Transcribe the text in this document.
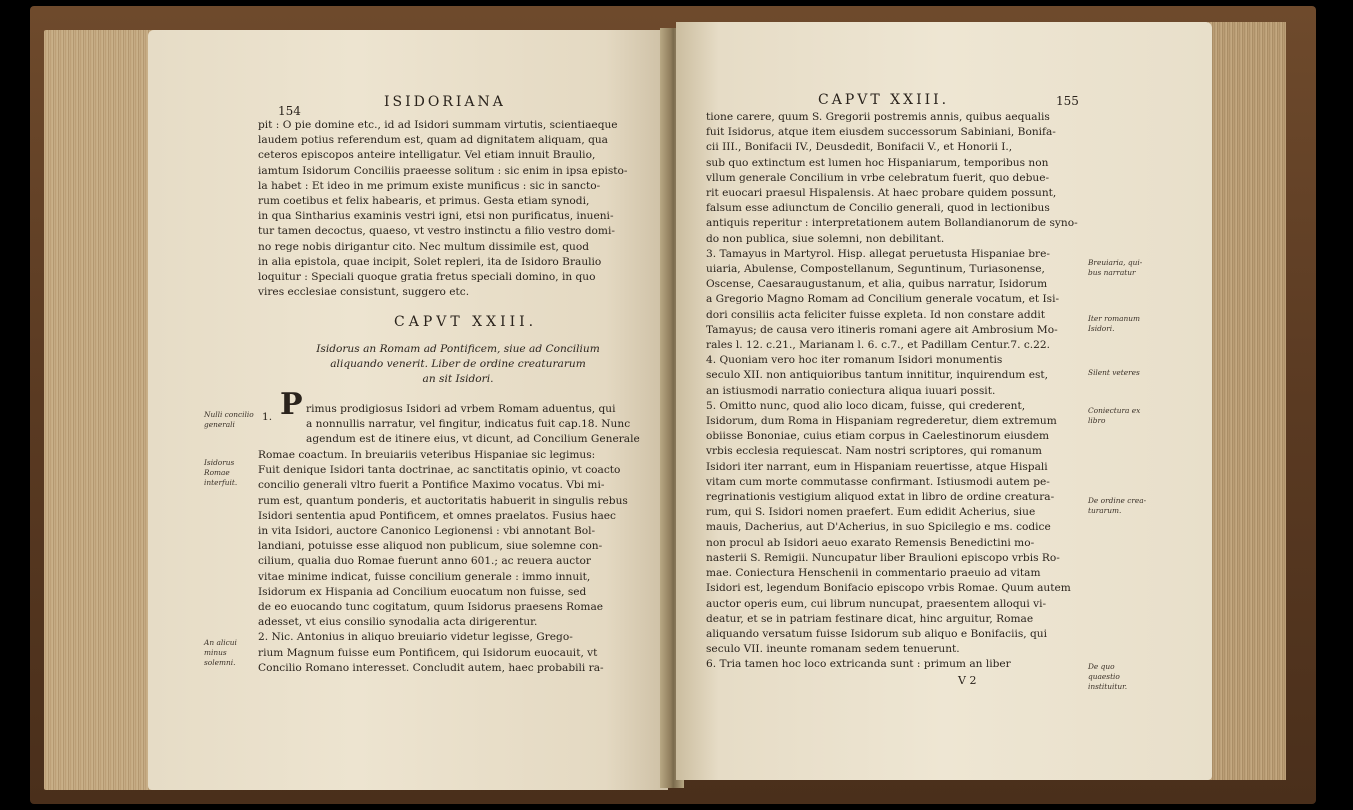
154
ISIDORIANA
pit : O pie domine etc., id ad Isidori summam virtutis, scientiaeque
laudem potius referendum est, quam ad dignitatem aliquam, qua
ceteros episcopos anteire intelligatur. Vel etiam innuit Braulio,
iamtum Isidorum Conciliis praeesse solitum : sic enim in ipsa episto-
la habet : Et ideo in me primum existe munificus : sic in sancto-
rum coetibus et felix habearis, et primus. Gesta etiam synodi,
in qua Sintharius examinis vestri igni, etsi non purificatus, inueni-
tur tamen decoctus, quaeso, vt vestro instinctu a filio vestro domi-
no rege nobis dirigantur cito. Nec multum dissimile est, quod
in alia epistola, quae incipit, Solet repleri, ita de Isidoro Braulio
loquitur : Speciali quoque gratia fretus speciali domino, in quo
vires ecclesiae consistunt, suggero etc.
CAPVT XXIII.
Isidorus an Romam ad Pontificem, siue ad Concilium
aliquando venerit. Liber de ordine creaturarum
an sit Isidori.
Nulli concilio
generali
Isidorus Romae
interfuit.
An alicui minus
solemni.
1. P rimus prodigiosus Isidori ad vrbem Romam aduentus, qui
a nonnullis narratur, vel fingitur, indicatus fuit cap.18. Nunc
agendum est de itinere eius, vt dicunt, ad Concilium Generale
Romae coactum. In breuiariis veteribus Hispaniae sic legimus:
Fuit denique Isidori tanta doctrinae, ac sanctitatis opinio, vt coacto
concilio generali vltro fuerit a Pontifice Maximo vocatus. Vbi mi-
rum est, quantum ponderis, et auctoritatis habuerit in singulis rebus
Isidori sententia apud Pontificem, et omnes praelatos. Fusius haec
in vita Isidori, auctore Canonico Legionensi : vbi annotant Bol-
landiani, potuisse esse aliquod non publicum, siue solemne con-
cilium, qualia duo Romae fuerunt anno 601.; ac reuera auctor
vitae minime indicat, fuisse concilium generale : immo innuit,
Isidorum ex Hispania ad Concilium euocatum non fuisse, sed
de eo euocando tunc cogitatum, quum Isidorus praesens Romae
adesset, vt eius consilio synodalia acta dirigerentur.
2. Nic. Antonius in aliquo breuiario videtur legisse, Grego-
rium Magnum fuisse eum Pontificem, qui Isidorum euocauit, vt
Concilio Romano interesset. Concludit autem, haec probabili ra-
CAPVT XXIII.	155
tione carere, quum S. Gregorii postremis annis, quibus aequalis
fuit Isidorus, atque item eiusdem successorum Sabiniani, Bonifa-
cii III., Bonifacii IV., Deusdedit, Bonifacii V., et Honorii I.,
sub quo extinctum est lumen hoc Hispaniarum, temporibus non
vllum generale Concilium in vrbe celebratum fuerit, quo debue-
rit euocari praesul Hispalensis. At haec probare quidem possunt,
falsum esse adiunctum de Concilio generali, quod in lectionibus
antiquis reperitur : interpretationem autem Bollandianorum de syno-
do non publica, siue solemni, non debilitant.
3. Tamayus in Martyrol. Hisp. allegat peruetusta Hispaniae bre-
uiaria, Abulense, Compostellanum, Seguntinum, Turiasonense,
Oscense, Caesaraugustanum, et alia, quibus narratur, Isidorum
a Gregorio Magno Romam ad Concilium generale vocatum, et Isi-
dori consiliis acta feliciter fuisse expleta. Id non constare addit
Tamayus; de causa vero itineris romani agere ait Ambrosium Mo-
rales l. 12. c.21., Marianam l. 6. c.7., et Padillam Centur.7. c.22.
4. Quoniam vero hoc iter romanum Isidori monumentis
seculo XII. non antiquioribus tantum innititur, inquirendum est,
an istiusmodi narratio coniectura aliqua iuuari possit.
5. Omitto nunc, quod alio loco dicam, fuisse, qui crederent,
Isidorum, dum Roma in Hispaniam regrederetur, diem extremum
obiisse Bononiae, cuius etiam corpus in Caelestinorum eiusdem
vrbis ecclesia requiescat. Nam nostri scriptores, qui romanum
Isidori iter narrant, eum in Hispaniam reuertisse, atque Hispali
vitam cum morte commutasse confirmant. Istiusmodi autem pe-
regrinationis vestigium aliquod extat in libro de ordine creatura-
rum, qui S. Isidori nomen praefert. Eum edidit Acherius, siue
mauis, Dacherius, aut D'Acherius, in suo Spicilegio e ms. codice
non procul ab Isidori aeuo exarato Remensis Benedictini mo-
nasterii S. Remigii. Nuncupatur liber Braulioni episcopo vrbis Ro-
mae. Coniectura Henschenii in commentario praeuio ad vitam
Isidori est, legendum Bonifacio episcopo vrbis Romae. Quum autem
auctor operis eum, cui librum nuncupat, praesentem alloqui vi-
deatur, et se in patriam festinare dicat, hinc arguitur, Romae
aliquando versatum fuisse Isidorum sub aliquo e Bonifaciis, qui
seculo VII. ineunte romanam sedem tenuerunt.
6. Tria tamen hoc loco extricanda sunt : primum an liber
V 2
Breuiaria, qui-
bus narratur
Iter romanum
Isidori.
Silent veteres
Coniectura ex
libro
De ordine crea-
turarum.
De quo quaestio
instituitur.
